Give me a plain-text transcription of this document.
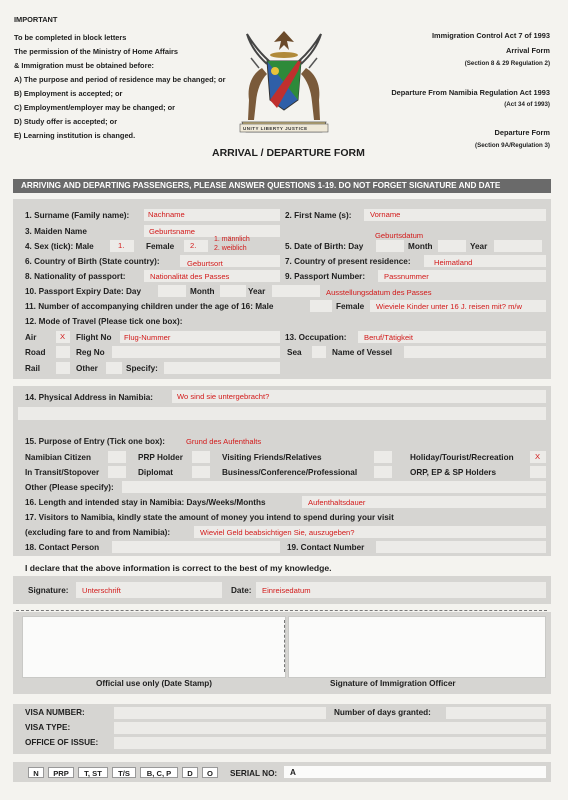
IMPORTANT
To be completed in block letters
The permission of the Ministry of Home Affairs
& Immigration must be obtained before:
A) The purpose and period of residence may be changed; or
B) Employment is accepted; or
C) Employment/employer may be changed; or
D) Study offer is accepted; or
E) Learning institution is changed.
UNITY LIBERTY JUSTICE
Immigration Control Act 7 of 1993
Arrival Form
(Section 8 & 29 Regulation 2)
Departure From Namibia Regulation Act 1993
(Act 34 of 1993)
Departure Form
(Section 9A/Regulation 3)
ARRIVAL / DEPARTURE FORM
ARRIVING AND DEPARTING PASSENGERS, PLEASE ANSWER QUESTIONS 1-19. DO NOT FORGET SIGNATURE AND DATE
1. Surname (Family name): Nachname	2. First Name (s): Vorname
3. Maiden Name	Geburtsname	Geburtsdatum
4. Sex (tick): Male	1.	Female 2.
1. männlich
2. weiblich	5. Date of Birth: Day	Month	Year
6. Country of Birth (State country):	Geburtsort	7. Country of present residence:	Heimatland
8. Nationality of passport:	Nationalität des Passes	9. Passport Number: Passnummer
10. Passport Expiry Date: Day	Month	Year	Ausstellungsdatum des Passes
11. Number of accompanying children under the age of 16: Male	Female Wieviele Kinder unter 16 J. reisen mit? m/w
12. Mode of Travel (Please tick one box):
Air	X Flight No Flug-Nummer	13. Occupation: Beruf/Tätigkeit
Road	Reg No	Sea	Name of Vessel
Rail	Other	Specify:
14. Physical Address in Namibia:	Wo sind sie untergebracht?
15. Purpose of Entry (Tick one box):	Grund des Aufenthalts
Namibian Citizen	PRP Holder	Visiting Friends/Relatives	Holiday/Tourist/Recreation	X
In Transit/Stopover	Diplomat	Business/Conference/Professional	ORP, EP & SP Holders
Other (Please specify):
16. Length and intended stay in Namibia: Days/Weeks/Months	Aufenthaltsdauer
17. Visitors to Namibia, kindly state the amount of money you intend to spend during your visit
(excluding fare to and from Namibia):	Wieviel Geld beabsichtigen Sie, auszugeben?
18. Contact Person	19. Contact Number
I declare that the above information is correct to the best of my knowledge.
Signature: Unterschrift	Date: Einreisedatum
Official use only (Date Stamp)	Signature of Immigration Officer
VISA NUMBER:	Number of days granted:
VISA TYPE:
OFFICE OF ISSUE:
N	PRP	T, ST	T/S	B, C, P	D	O	SERIAL NO: A
